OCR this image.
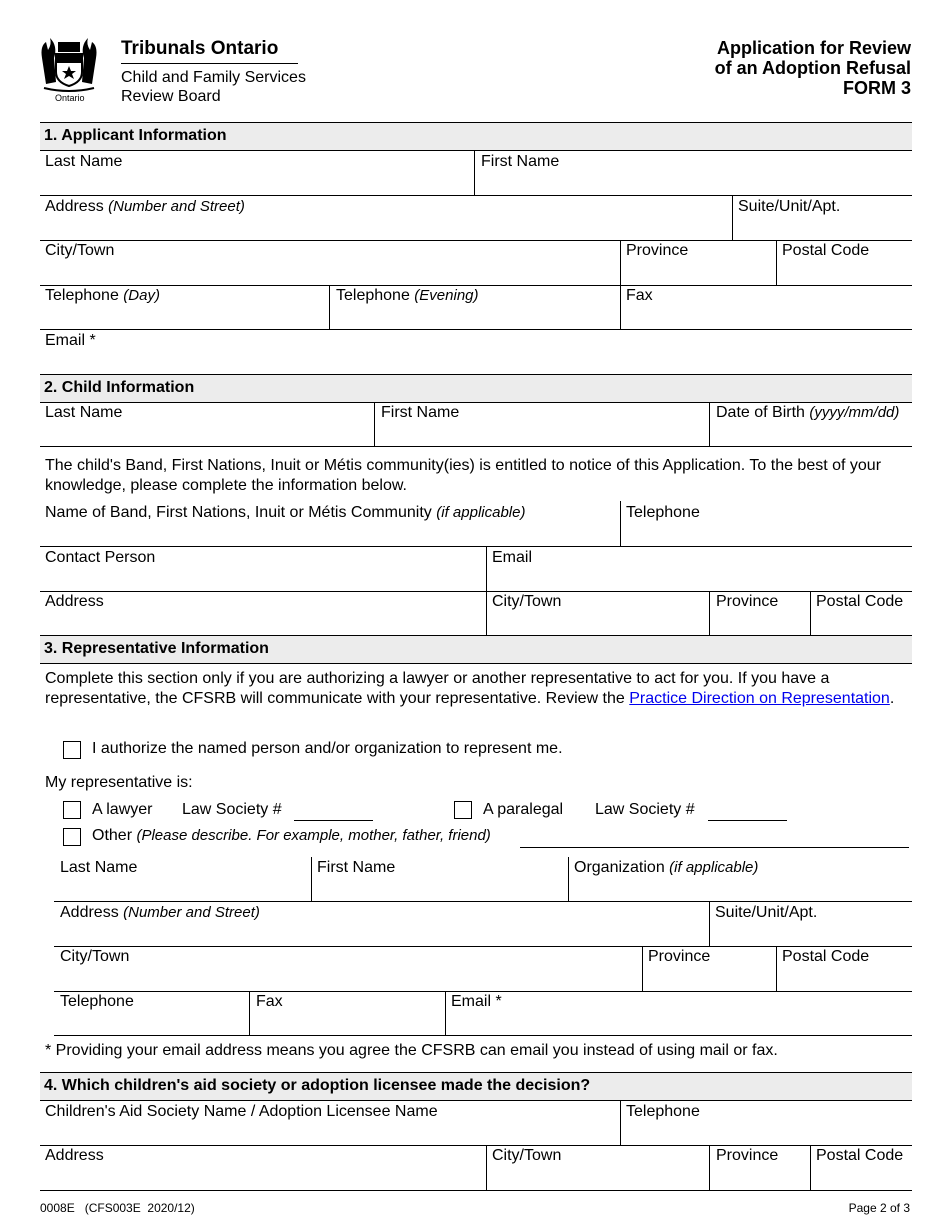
Ontario
Tribunals Ontario
Child and Family Services
Review Board
Application for Review
of an Adoption Refusal
FORM 3
1. Applicant Information
Last Name	First Name
Address (Number and Street)	Suite/Unit/Apt.
City/Town	Province	Postal Code
Telephone (Day)	Telephone (Evening)	Fax
Email *
2. Child Information
Last Name	First Name	Date of Birth (yyyy/mm/dd)
The child's Band, First Nations, Inuit or Métis community(ies) is entitled to notice of this Application. To the best of your knowledge, please complete the information below.
Name of Band, First Nations, Inuit or Métis Community (if applicable)	Telephone
Contact Person	Email
Address	City/Town	Province Postal Code
3. Representative Information
Complete this section only if you are authorizing a lawyer or another representative to act for you. If you have a representative, the CFSRB will communicate with your representative. Review the Practice Direction on Representation.
I authorize the named person and/or organization to represent me.
My representative is:
A lawyer Law Society #	A paralegal Law Society #
Other (Please describe. For example, mother, father, friend)
Last Name	First Name	Organization (if applicable)
Address (Number and Street)	Suite/Unit/Apt.
City/Town	Province	Postal Code
Telephone	Fax	Email *
* Providing your email address means you agree the CFSRB can email you instead of using mail or fax.
4. Which children's aid society or adoption licensee made the decision?
Children's Aid Society Name / Adoption Licensee Name	Telephone
Address	City/Town	Province Postal Code
0008E   (CFS003E  2020/12)	Page 2 of 3
